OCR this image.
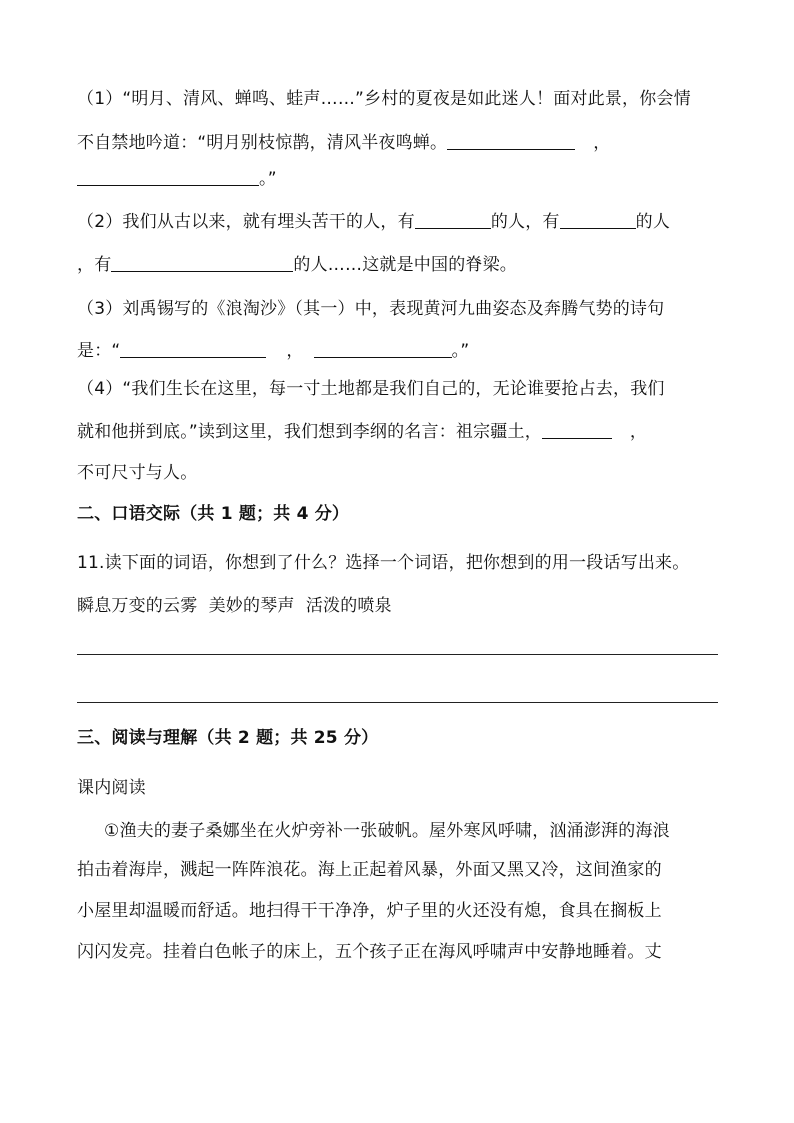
（1）“明月、清风、蝉鸣、蛙声……”乡村的夏夜是如此迷人！面对此景，你会情
不自禁地吟道：“明月别枝惊鹊，清风半夜鸣蝉。	，
。”
（2）我们从古以来，就有埋头苦干的人，有	的人，有	的人
，有	的人……这就是中国的脊梁。
（3）刘禹锡写的《浪淘沙》（其一）中，表现黄河九曲姿态及奔腾气势的诗句
是：“	，	。”
（4）“我们生长在这里，每一寸土地都是我们自己的，无论谁要抢占去，我们
就和他拼到底。”读到这里，我们想到李纲的名言：祖宗疆土，	，
不可尺寸与人。
二、口语交际（共 1 题；共 4 分）
11.读下面的词语，你想到了什么？选择一个词语，把你想到的用一段话写出来。
瞬息万变的云雾  美妙的琴声  活泼的喷泉
三、阅读与理解（共 2 题；共 25 分）
课内阅读
①渔夫的妻子桑娜坐在火炉旁补一张破帆。屋外寒风呼啸，汹涌澎湃的海浪
拍击着海岸，溅起一阵阵浪花。海上正起着风暴，外面又黑又冷，这间渔家的
小屋里却温暖而舒适。地扫得干干净净，炉子里的火还没有熄，食具在搁板上
闪闪发亮。挂着白色帐子的床上，五个孩子正在海风呼啸声中安静地睡着。丈
